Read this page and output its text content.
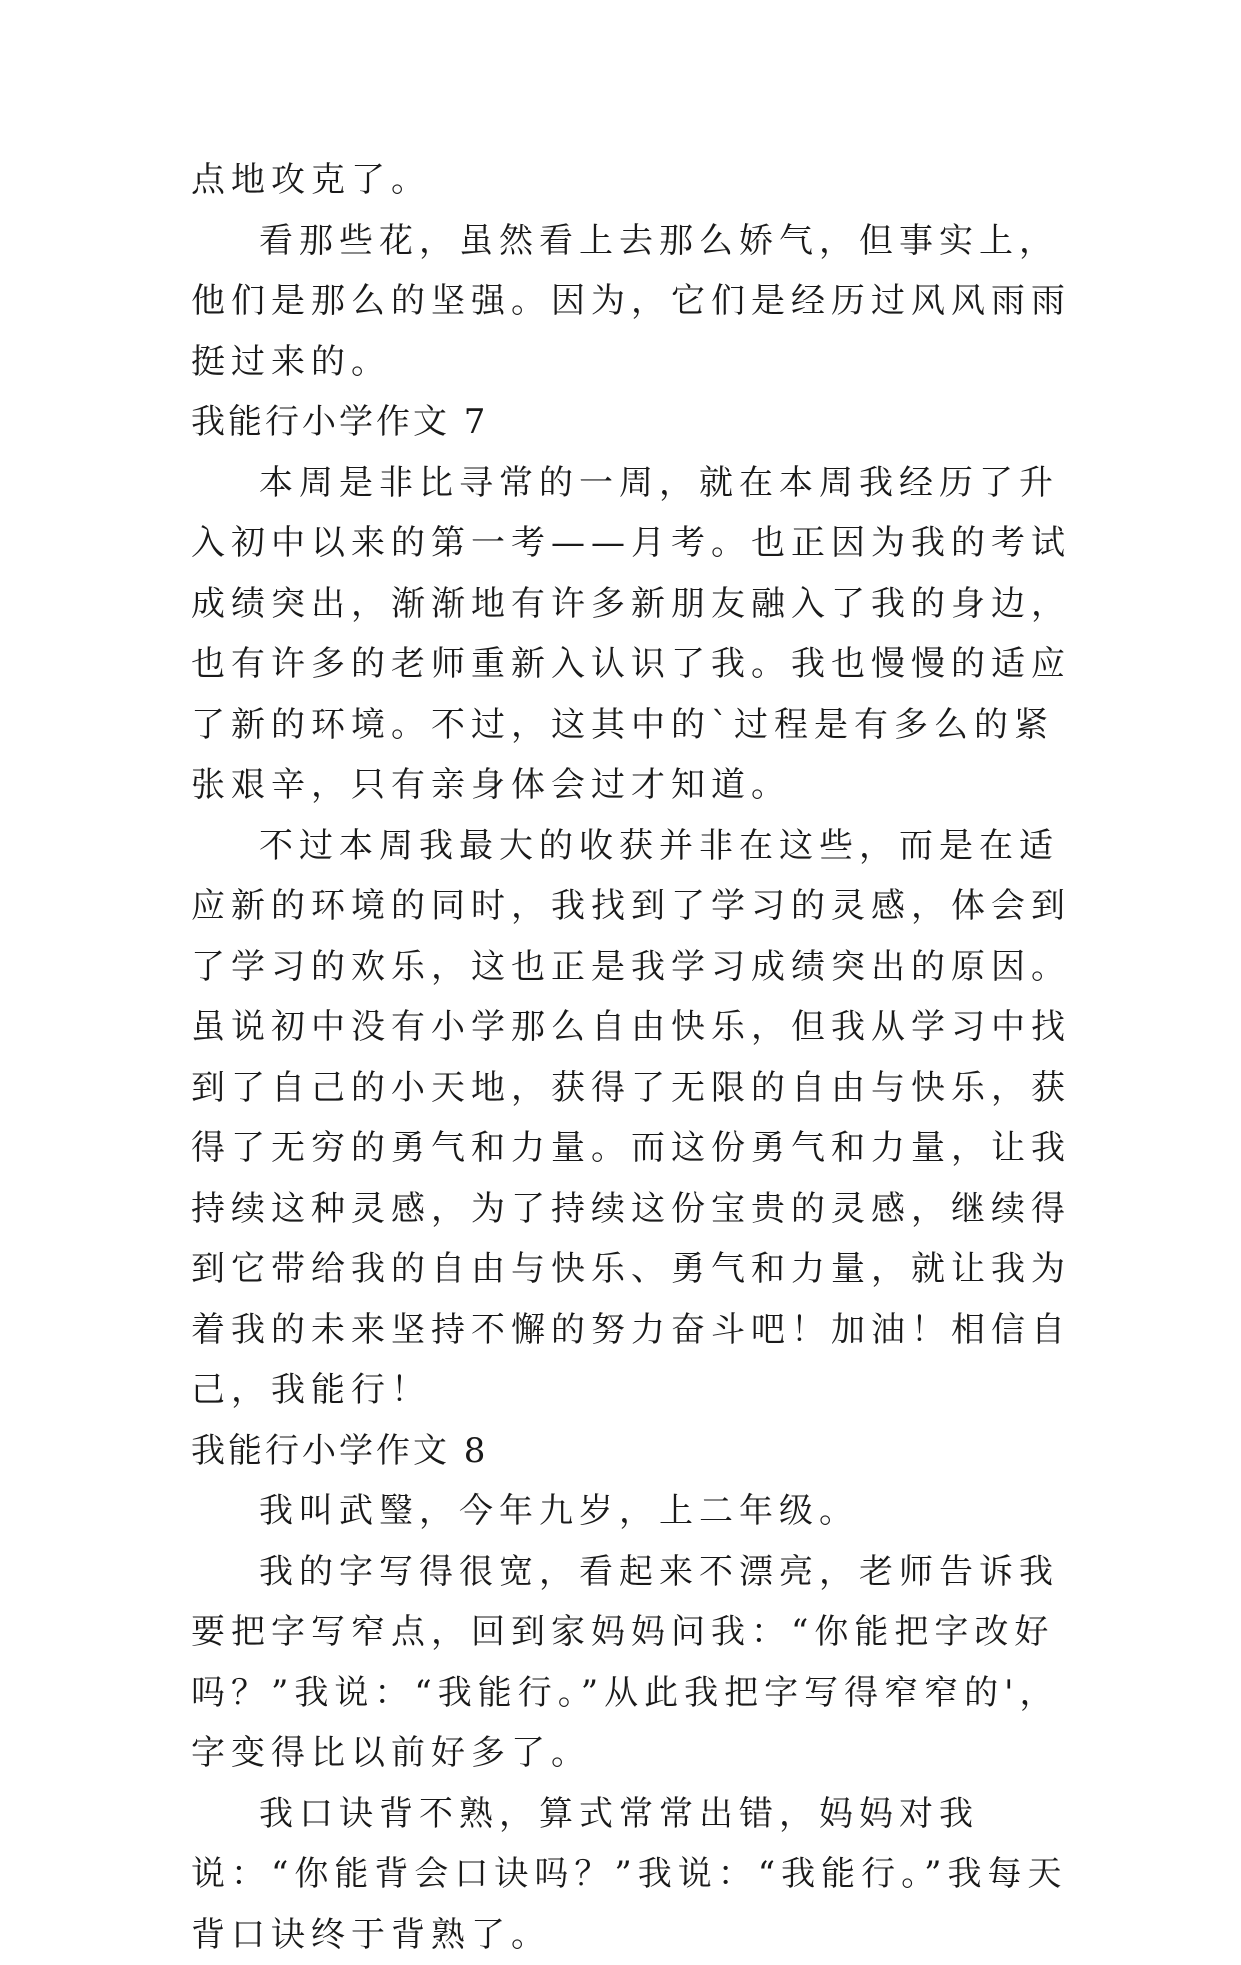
点地攻克了。

看那些花，虽然看上去那么娇气，但事实上，他们是那么的坚强。因为，它们是经历过风风雨雨挺过来的。

我能行小学作文 7

本周是非比寻常的一周，就在本周我经历了升入初中以来的第一考——月考。也正因为我的考试成绩突出，渐渐地有许多新朋友融入了我的身边，也有许多的老师重新入认识了我。我也慢慢的适应了新的环境。不过，这其中的`过程是有多么的紧张艰辛，只有亲身体会过才知道。

不过本周我最大的收获并非在这些，而是在适应新的环境的同时，我找到了学习的灵感，体会到了学习的欢乐，这也正是我学习成绩突出的原因。虽说初中没有小学那么自由快乐，但我从学习中找到了自己的小天地，获得了无限的自由与快乐，获得了无穷的勇气和力量。而这份勇气和力量，让我持续这种灵感，为了持续这份宝贵的灵感，继续得到它带给我的自由与快乐、勇气和力量，就让我为着我的未来坚持不懈的努力奋斗吧！加油！相信自己，我能行！

我能行小学作文 8

我叫武瑿，今年九岁，上二年级。

我的字写得很宽，看起来不漂亮，老师告诉我要把字写窄点，回到家妈妈问我：“你能把字改好吗？”我说：“我能行。”从此我把字写得窄窄的'，字变得比以前好多了。

我口诀背不熟，算式常常出错，妈妈对我说：“你能背会口诀吗？”我说：“我能行。”我每天背口诀终于背熟了。
